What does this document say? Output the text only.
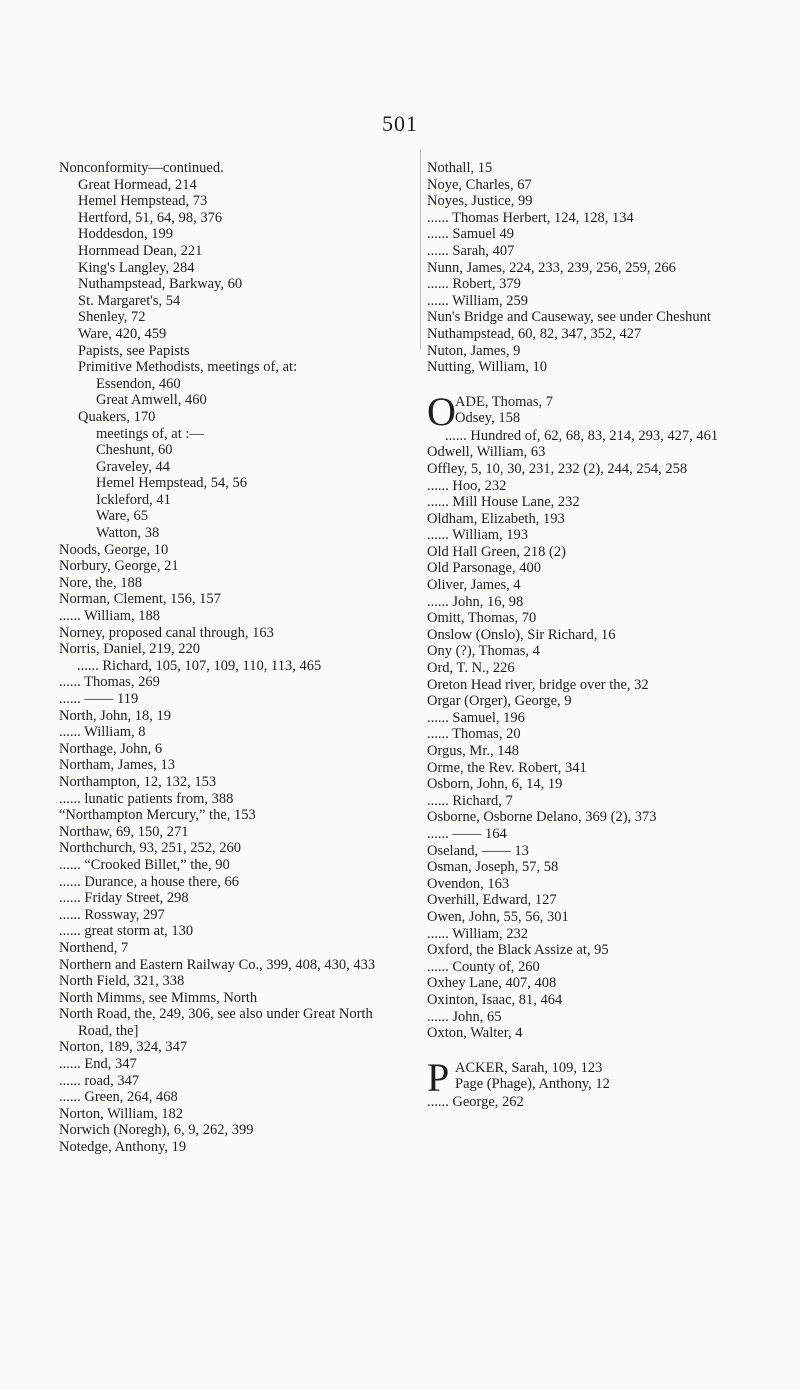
501
Nonconformity—continued.
Great Hormead, 214
Hemel Hempstead, 73
Hertford, 51, 64, 98, 376
Hoddesdon, 199
Hornmead Dean, 221
King's Langley, 284
Nuthampstead, Barkway, 60
St. Margaret's, 54
Shenley, 72
Ware, 420, 459
Papists, see Papists
Primitive Methodists, meetings of, at:
Essendon, 460
Great Amwell, 460
Quakers, 170
meetings of, at :—
Cheshunt, 60
Graveley, 44
Hemel Hempstead, 54, 56
Ickleford, 41
Ware, 65
Watton, 38
Noods, George, 10
Norbury, George, 21
Nore, the, 188
Norman, Clement, 156, 157
...... William, 188
Norney, proposed canal through, 163
Norris, Daniel, 219, 220
...... Richard, 105, 107, 109, 110, 113, 465
...... Thomas, 269
...... —— 119
North, John, 18, 19
...... William, 8
Northage, John, 6
Northam, James, 13
Northampton, 12, 132, 153
...... lunatic patients from, 388
“Northampton Mercury,” the, 153
Northaw, 69, 150, 271
Northchurch, 93, 251, 252, 260
...... “Crooked Billet,” the, 90
...... Durance, a house there, 66
...... Friday Street, 298
...... Rossway, 297
...... great storm at, 130
Northend, 7
Northern and Eastern Railway Co., 399, 408, 430, 433
North Field, 321, 338
North Mimms, see Mimms, North
North Road, the, 249, 306, see also under Great North Road, the]
Norton, 189, 324, 347
...... End, 347
...... road, 347
...... Green, 264, 468
Norton, William, 182
Norwich (Noregh), 6, 9, 262, 399
Notedge, Anthony, 19
Nothall, 15
Noye, Charles, 67
Noyes, Justice, 99
...... Thomas Herbert, 124, 128, 134
...... Samuel 49
...... Sarah, 407
Nunn, James, 224, 233, 239, 256, 259, 266
...... Robert, 379
...... William, 259
Nun's Bridge and Causeway, see under Cheshunt
Nuthampstead, 60, 82, 347, 352, 427
Nuton, James, 9
Nutting, William, 10
O ADE, Thomas, 7
Odsey, 158
...... Hundred of, 62, 68, 83, 214, 293, 427, 461
Odwell, William, 63
Offley, 5, 10, 30, 231, 232 (2), 244, 254, 258
...... Hoo, 232
...... Mill House Lane, 232
Oldham, Elizabeth, 193
...... William, 193
Old Hall Green, 218 (2)
Old Parsonage, 400
Oliver, James, 4
...... John, 16, 98
Omitt, Thomas, 70
Onslow (Onslo), Sir Richard, 16
Ony (?), Thomas, 4
Ord, T. N., 226
Oreton Head river, bridge over the, 32
Orgar (Orger), George, 9
...... Samuel, 196
...... Thomas, 20
Orgus, Mr., 148
Orme, the Rev. Robert, 341
Osborn, John, 6, 14, 19
...... Richard, 7
Osborne, Osborne Delano, 369 (2), 373
...... —— 164
Oseland, —— 13
Osman, Joseph, 57, 58
Ovendon, 163
Overhill, Edward, 127
Owen, John, 55, 56, 301
...... William, 232
Oxford, the Black Assize at, 95
...... County of, 260
Oxhey Lane, 407, 408
Oxinton, Isaac, 81, 464
...... John, 65
Oxton, Walter, 4
P ACKER, Sarah, 109, 123
Page (Phage), Anthony, 12
...... George, 262
